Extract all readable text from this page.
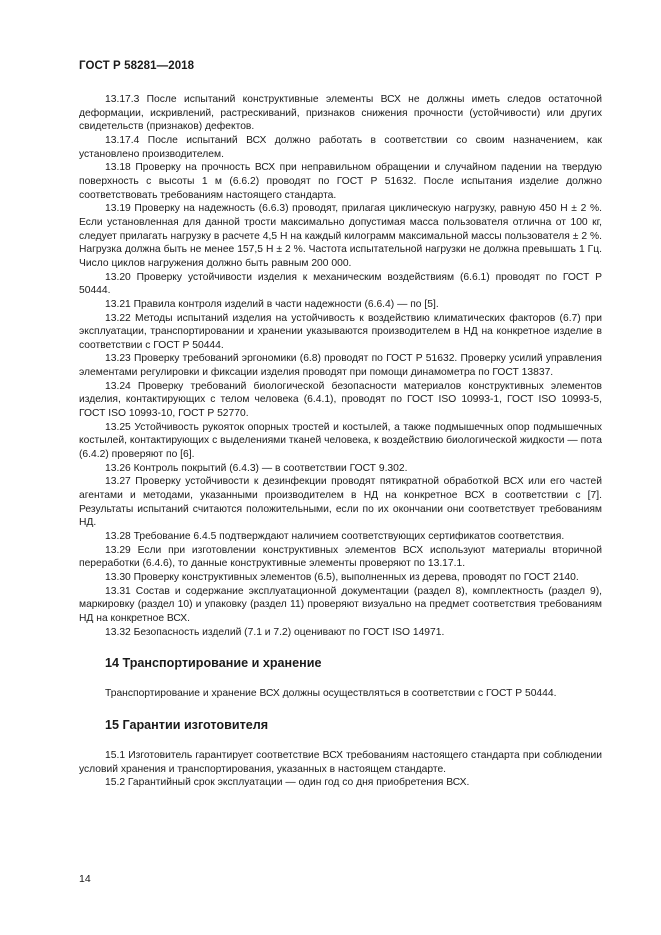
ГОСТ Р 58281—2018

13.17.3 После испытаний конструктивные элементы ВСХ не должны иметь следов остаточной деформации, искривлений, растрескиваний, признаков снижения прочности (устойчивости) или других свидетельств (признаков) дефектов.

13.17.4 После испытаний ВСХ должно работать в соответствии со своим назначением, как установлено производителем.

13.18 Проверку на прочность ВСХ при неправильном обращении и случайном падении на твердую поверхность с высоты 1 м (6.6.2) проводят по ГОСТ Р 51632. После испытания изделие должно соответствовать требованиям настоящего стандарта.

13.19 Проверку на надежность (6.6.3) проводят, прилагая циклическую нагрузку, равную 450 Н ± 2 %. Если установленная для данной трости максимально допустимая масса пользователя отлична от 100 кг, следует прилагать нагрузку в расчете 4,5 Н на каждый килограмм максимальной массы пользователя ± 2 %. Нагрузка должна быть не менее 157,5 Н ± 2 %. Частота испытательной нагрузки не должна превышать 1 Гц. Число циклов нагружения должно быть равным 200 000.

13.20 Проверку устойчивости изделия к механическим воздействиям (6.6.1) проводят по ГОСТ Р 50444.

13.21 Правила контроля изделий в части надежности (6.6.4) — по [5].

13.22 Методы испытаний изделия на устойчивость к воздействию климатических факторов (6.7) при эксплуатации, транспортировании и хранении указываются производителем в НД на конкретное изделие в соответствии с ГОСТ Р 50444.

13.23 Проверку требований эргономики (6.8) проводят по ГОСТ Р 51632. Проверку усилий управления элементами регулировки и фиксации изделия проводят при помощи динамометра по ГОСТ 13837.

13.24 Проверку требований биологической безопасности материалов конструктивных элементов изделия, контактирующих с телом человека (6.4.1), проводят по ГОСТ ISO 10993-1, ГОСТ ISO 10993-5, ГОСТ ISO 10993-10, ГОСТ Р 52770.

13.25 Устойчивость рукояток опорных тростей и костылей, а также подмышечных опор подмышечных костылей, контактирующих с выделениями тканей человека, к воздействию биологической жидкости — пота (6.4.2) проверяют по [6].

13.26 Контроль покрытий (6.4.3) — в соответствии ГОСТ 9.302.

13.27 Проверку устойчивости к дезинфекции проводят пятикратной обработкой ВСХ или его частей агентами и методами, указанными производителем в НД на конкретное ВСХ в соответствии с [7]. Результаты испытаний считаются положительными, если по их окончании они соответствует требованиям НД.

13.28 Требование 6.4.5 подтверждают наличием соответствующих сертификатов соответствия.

13.29 Если при изготовлении конструктивных элементов ВСХ используют материалы вторичной переработки (6.4.6), то данные конструктивные элементы проверяют по 13.17.1.

13.30 Проверку конструктивных элементов (6.5), выполненных из дерева, проводят по ГОСТ 2140.

13.31 Состав и содержание эксплуатационной документации (раздел 8), комплектность (раздел 9), маркировку (раздел 10) и упаковку (раздел 11) проверяют визуально на предмет соответствия требованиям НД на конкретное ВСХ.

13.32 Безопасность изделий (7.1 и 7.2) оценивают по ГОСТ ISO 14971.

14 Транспортирование и хранение

Транспортирование и хранение ВСХ должны осуществляться в соответствии с ГОСТ Р 50444.

15 Гарантии изготовителя

15.1 Изготовитель гарантирует соответствие ВСХ требованиям настоящего стандарта при соблюдении условий хранения и транспортирования, указанных в настоящем стандарте.

15.2 Гарантийный срок эксплуатации — один год со дня приобретения ВСХ.

14
